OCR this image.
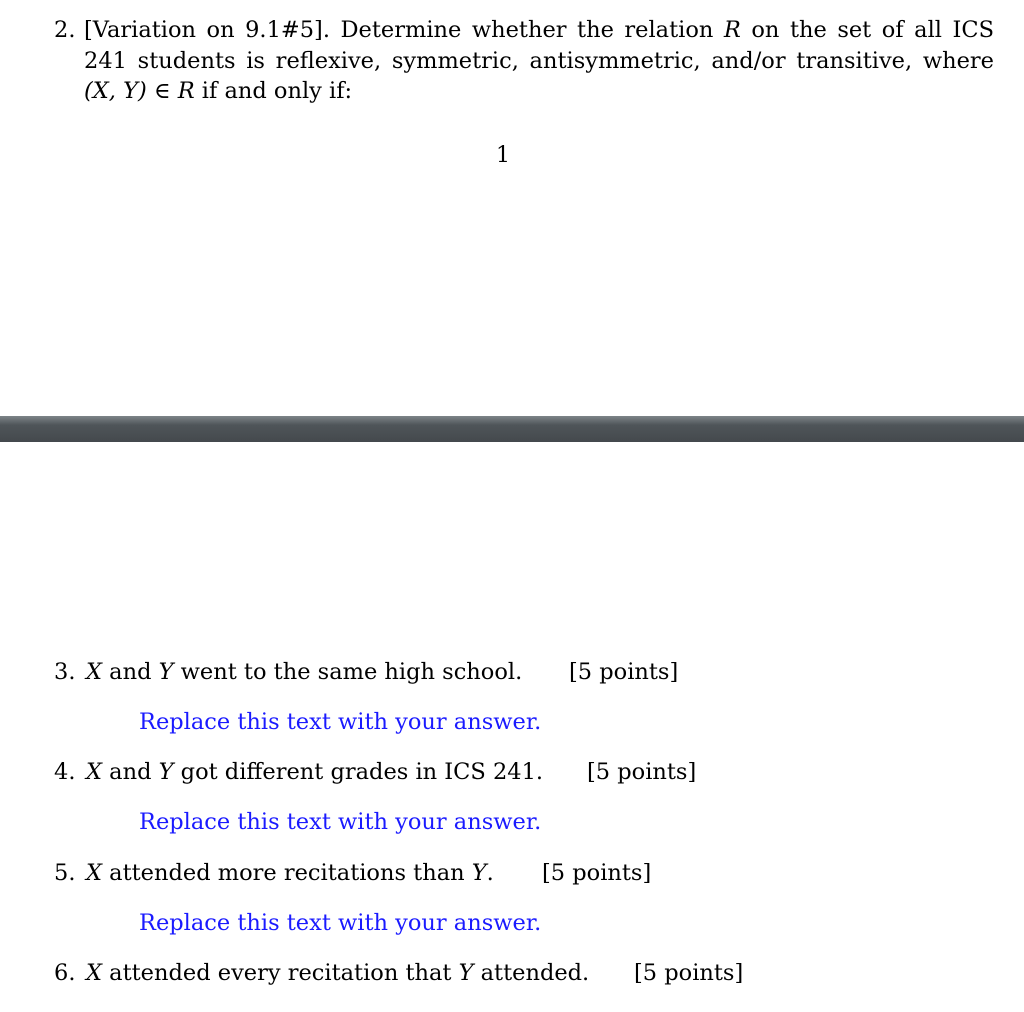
2. [Variation on 9.1#5]. Determine whether the relation R on the set of all ICS 241 students is reflexive, symmetric, antisymmetric, and/or transitive, where (X, Y) ∈ R if and only if:
1
3. X and Y went to the same high school. [5 points]
Replace this text with your answer.
4. X and Y got different grades in ICS 241. [5 points]
Replace this text with your answer.
5. X attended more recitations than Y. [5 points]
Replace this text with your answer.
6. X attended every recitation that Y attended. [5 points]
